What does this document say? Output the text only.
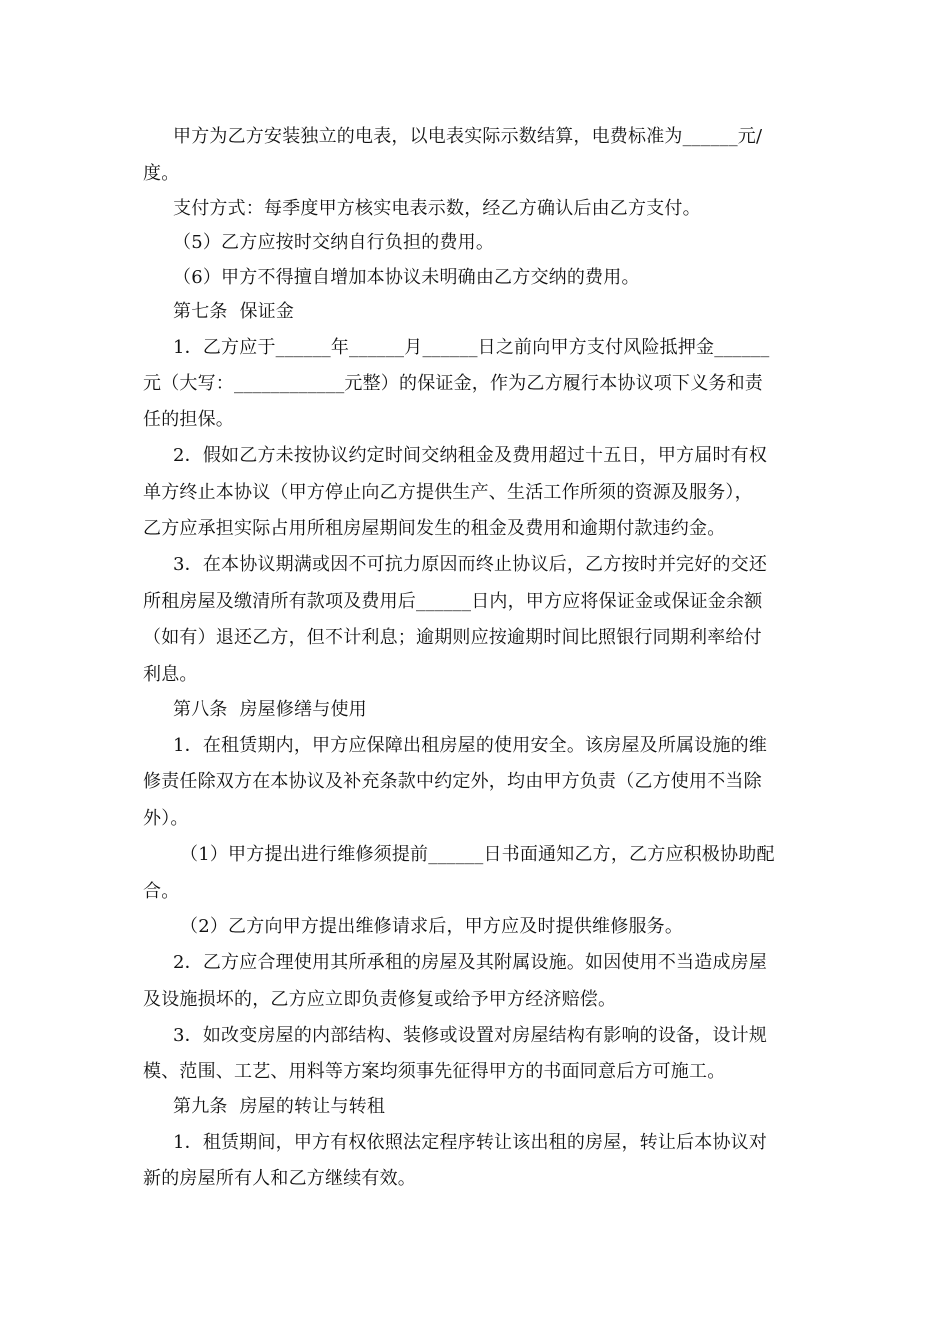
甲方为乙方安装独立的电表，以电表实际示数结算，电费标准为______元/
度。
支付方式：每季度甲方核实电表示数，经乙方确认后由乙方支付。
（5）乙方应按时交纳自行负担的费用。
（6）甲方不得擅自增加本协议未明确由乙方交纳的费用。
第七条  保证金
1．乙方应于______年______月______日之前向甲方支付风险抵押金______
元（大写：____________元整）的保证金，作为乙方履行本协议项下义务和责
任的担保。
2．假如乙方未按协议约定时间交纳租金及费用超过十五日，甲方届时有权
单方终止本协议（甲方停止向乙方提供生产、生活工作所须的资源及服务），
乙方应承担实际占用所租房屋期间发生的租金及费用和逾期付款违约金。
3．在本协议期满或因不可抗力原因而终止协议后，乙方按时并完好的交还
所租房屋及缴清所有款项及费用后______日内，甲方应将保证金或保证金余额
（如有）退还乙方，但不计利息；逾期则应按逾期时间比照银行同期利率给付
利息。
第八条  房屋修缮与使用
1．在租赁期内，甲方应保障出租房屋的使用安全。该房屋及所属设施的维
修责任除双方在本协议及补充条款中约定外，均由甲方负责（乙方使用不当除
外）。
（1）甲方提出进行维修须提前______日书面通知乙方，乙方应积极协助配
合。
（2）乙方向甲方提出维修请求后，甲方应及时提供维修服务。
2．乙方应合理使用其所承租的房屋及其附属设施。如因使用不当造成房屋
及设施损坏的，乙方应立即负责修复或给予甲方经济赔偿。
3．如改变房屋的内部结构、装修或设置对房屋结构有影响的设备，设计规
模、范围、工艺、用料等方案均须事先征得甲方的书面同意后方可施工。
第九条  房屋的转让与转租
1．租赁期间，甲方有权依照法定程序转让该出租的房屋，转让后本协议对
新的房屋所有人和乙方继续有效。
